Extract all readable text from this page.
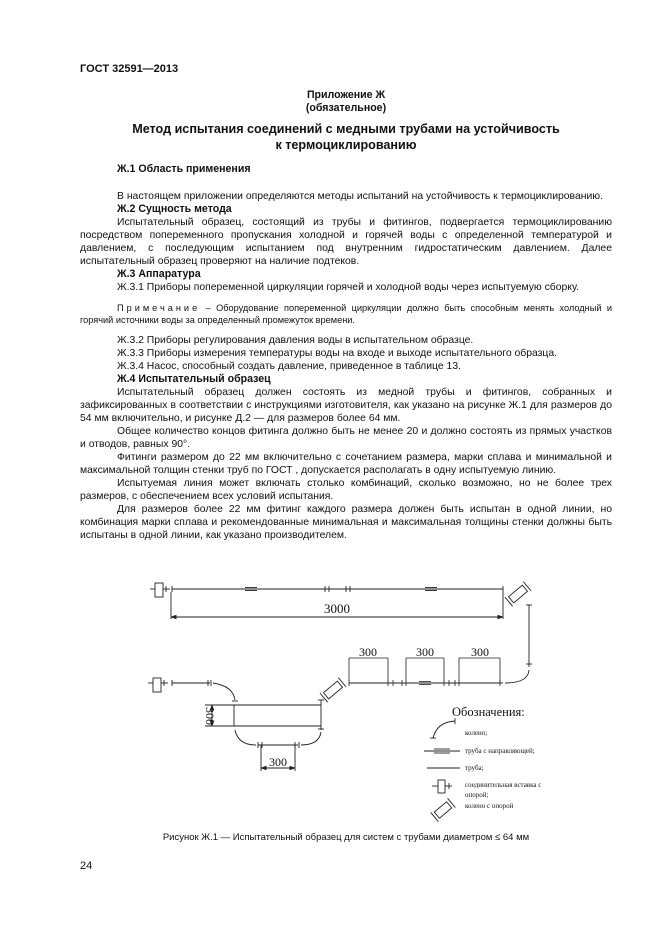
ГОСТ 32591—2013
Приложение Ж
(обязательное)
Метод испытания соединений с медными трубами на устойчивость
к термоциклированию
Ж.1 Область применения

В настоящем приложении определяются методы испытаний на устойчивость к термоциклированию.

Ж.2 Сущность метода

Испытательный образец, состоящий из трубы и фитингов, подвергается термоциклированию посредством попеременного пропускания холодной и горячей воды с определенной температурой и давлением, с последующим испытанием под внутренним гидростатическим давлением. Далее испытательный образец проверяют на наличие подтеков.

Ж.3 Аппаратура

Ж.3.1 Приборы попеременной циркуляции горячей и холодной воды через испытуемую сборку.

Примечание – Оборудование попеременной циркуляции должно быть способным менять холодный и горячий источники воды за определенный промежуток времени.

Ж.3.2 Приборы регулирования давления воды в испытательном образце.

Ж.3.3 Приборы измерения температуры воды на входе и выходе испытательного образца.

Ж.3.4 Насос, способный создать давление, приведенное в таблице 13.

Ж.4 Испытательный образец

Испытательный образец должен состоять из медной трубы и фитингов, собранных и зафиксированных в соответствии с инструкциями изготовителя, как указано на рисунке Ж.1 для размеров до 54 мм включительно, и рисунке Д.2 — для размеров более 64 мм.

Общее количество концов фитинга должно быть не менее 20 и должно состоять из прямых участков и отводов, равных 90°.

Фитинги размером до 22 мм включительно с сочетанием размера, марки сплава и минимальной и максимальной толщин стенки труб по ГОСТ , допускается располагать в одну испытуемую линию.

Испытуемая линия может включать столько комбинаций, сколько возможно, но не более трех размеров, с обеспечением всех условий испытания.

Для размеров более 22 мм фитинг каждого размера должен быть испытан в одной линии, но комбинация марки сплава и рекомендованные минимальная и максимальная толщины стенки должны быть испытаны в одной линии, как указано производителем.

3000
300	300	300
300
300	Обозначения:
колено;
труба с направляющей;
труба;
соединительная вставка с
опорой;
колено с опорой
Рисунок Ж.1 — Испытательный образец для систем с трубами диаметром ≤ 64 мм
24
